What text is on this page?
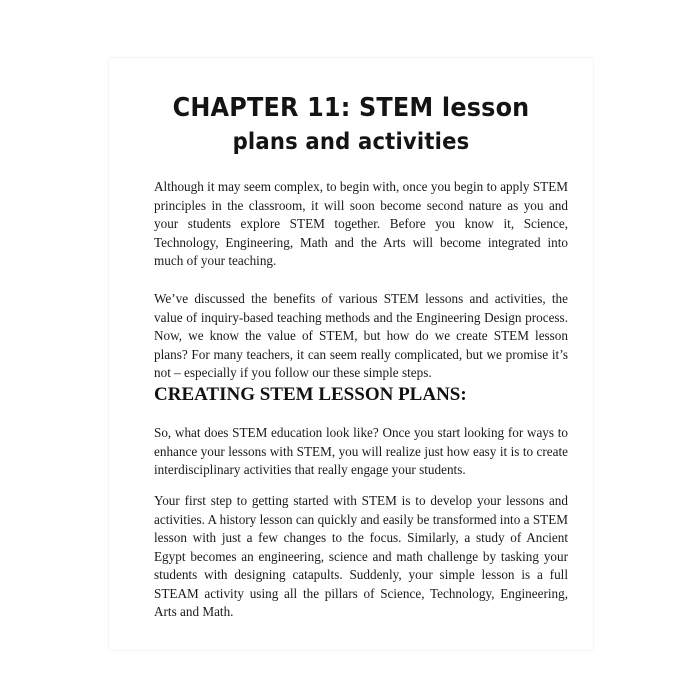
CHAPTER 11: STEM lesson
plans and activities

Although it may seem complex, to begin with, once you begin to apply STEM principles in the classroom, it will soon become second nature as you and your students explore STEM together. Before you know it, Science, Technology, Engineering, Math and the Arts will become integrated into much of your teaching.

We’ve discussed the benefits of various STEM lessons and activities, the value of inquiry-based teaching methods and the Engineering Design process. Now, we know the value of STEM, but how do we create STEM lesson plans? For many teachers, it can seem really complicated, but we promise it’s not – especially if you follow our these simple steps.

CREATING STEM LESSON PLANS:

So, what does STEM education look like? Once you start looking for ways to enhance your lessons with STEM, you will realize just how easy it is to create interdisciplinary activities that really engage your students.

Your first step to getting started with STEM is to develop your lessons and activities. A history lesson can quickly and easily be transformed into a STEM lesson with just a few changes to the focus. Similarly, a study of Ancient Egypt becomes an engineering, science and math challenge by tasking your students with designing catapults. Suddenly, your simple lesson is a full STEAM activity using all the pillars of Science, Technology, Engineering, Arts and Math.
